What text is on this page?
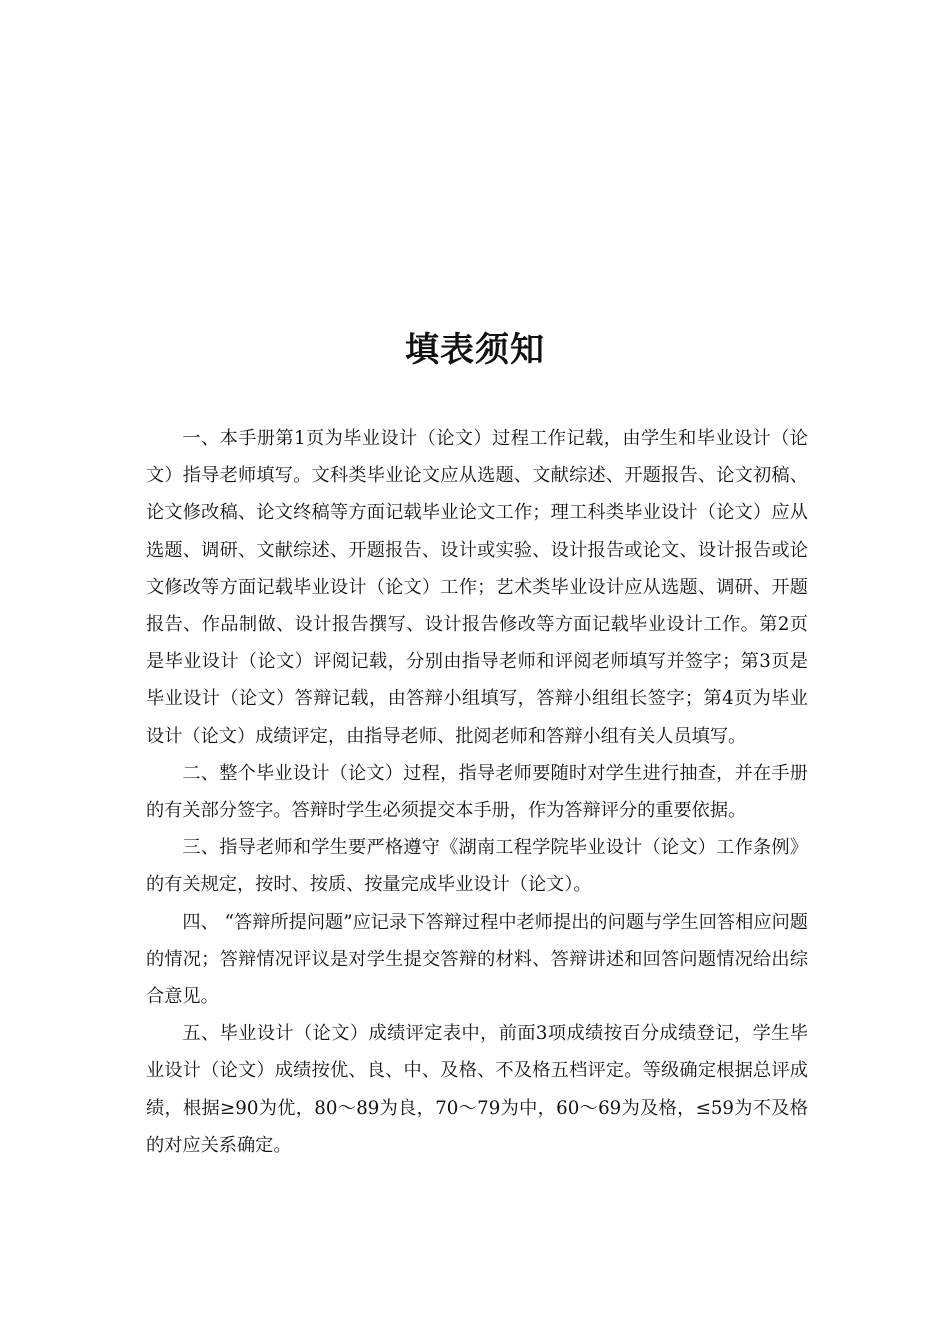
填表须知

一、本手册第1页为毕业设计（论文）过程工作记载，由学生和毕业设计（论文）指导老师填写。文科类毕业论文应从选题、文献综述、开题报告、论文初稿、论文修改稿、论文终稿等方面记载毕业论文工作；理工科类毕业设计（论文）应从选题、调研、文献综述、开题报告、设计或实验、设计报告或论文、设计报告或论文修改等方面记载毕业设计（论文）工作；艺术类毕业设计应从选题、调研、开题报告、作品制做、设计报告撰写、设计报告修改等方面记载毕业设计工作。第2页是毕业设计（论文）评阅记载，分别由指导老师和评阅老师填写并签字；第3页是毕业设计（论文）答辩记载，由答辩小组填写，答辩小组组长签字；第4页为毕业设计（论文）成绩评定，由指导老师、批阅老师和答辩小组有关人员填写。

二、整个毕业设计（论文）过程，指导老师要随时对学生进行抽查，并在手册的有关部分签字。答辩时学生必须提交本手册，作为答辩评分的重要依据。

三、指导老师和学生要严格遵守《湖南工程学院毕业设计（论文）工作条例》的有关规定，按时、按质、按量完成毕业设计（论文）。

四、 “答辩所提问题”应记录下答辩过程中老师提出的问题与学生回答相应问题的情况；答辩情况评议是对学生提交答辩的材料、答辩讲述和回答问题情况给出综合意见。

五、毕业设计（论文）成绩评定表中，前面3项成绩按百分成绩登记，学生毕业设计（论文）成绩按优、良、中、及格、不及格五档评定。等级确定根据总评成绩，根据≥90为优，80～89为良，70～79为中，60～69为及格，≤59为不及格的对应关系确定。
